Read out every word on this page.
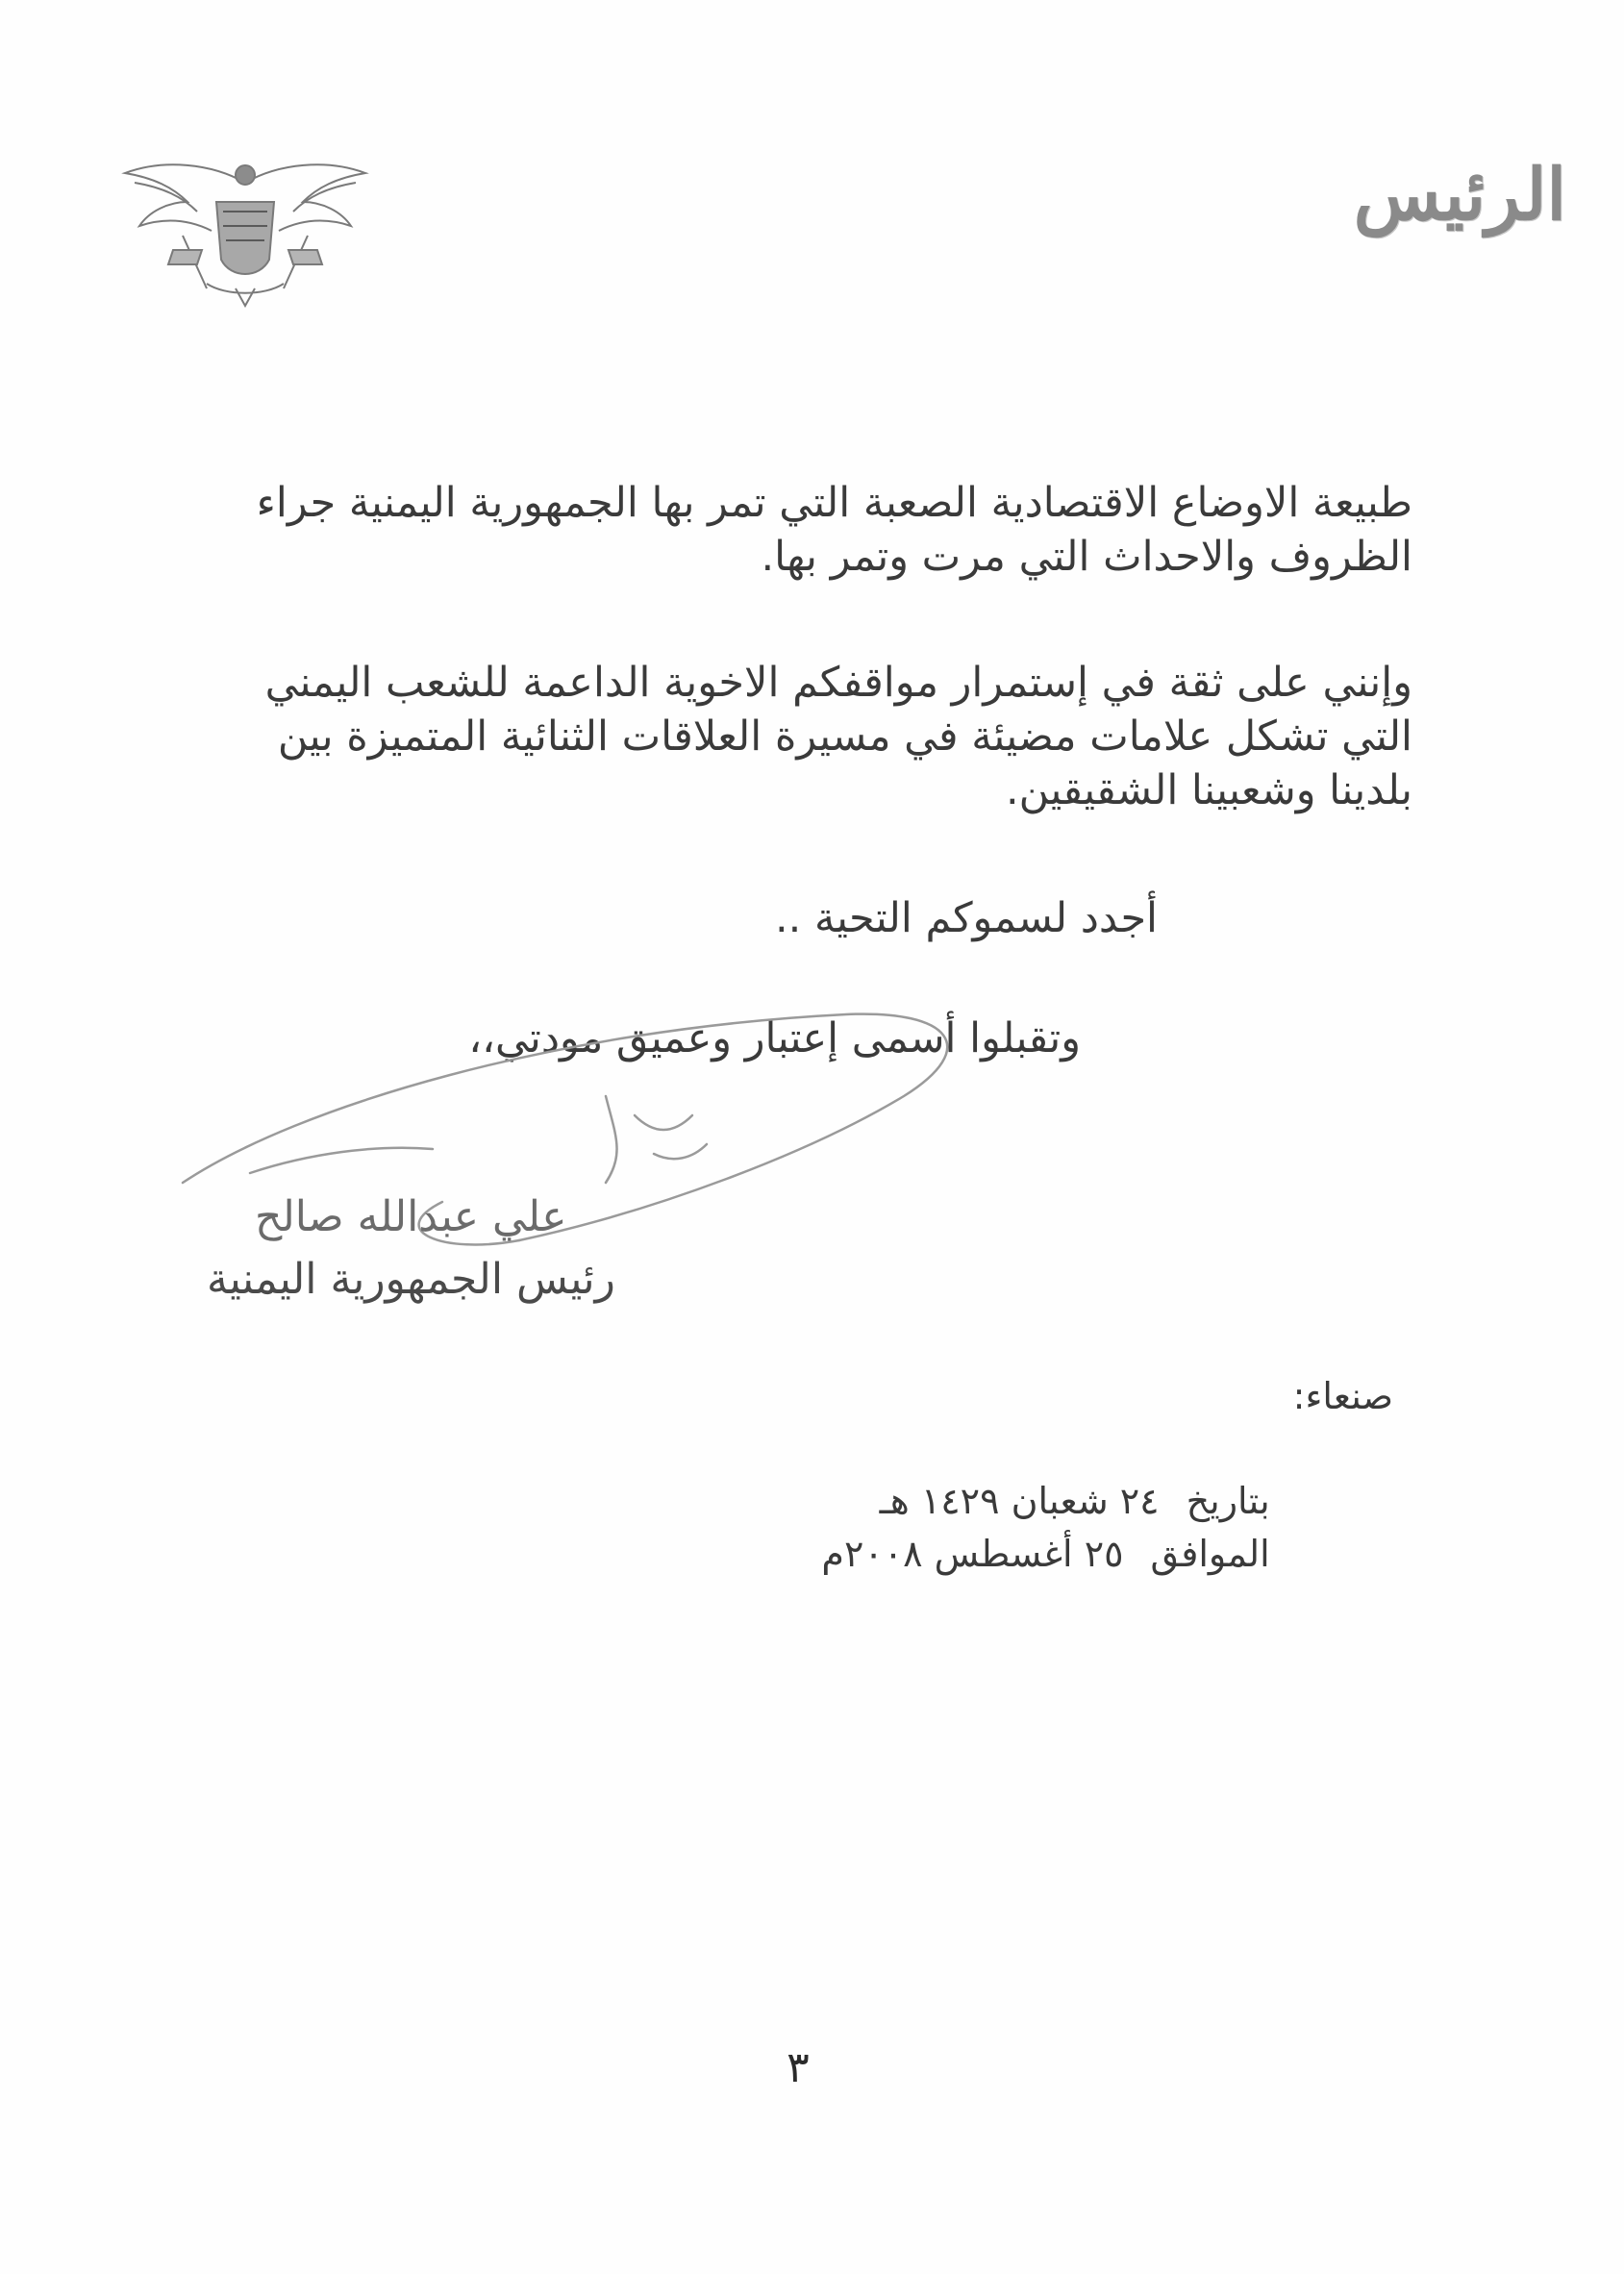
الرئيس
طبيعة الاوضاع الاقتصادية الصعبة التي تمر بها الجمهورية اليمنية جراء الظروف والاحداث التي مرت وتمر بها.
وإنني على ثقة في إستمرار مواقفكم الاخوية الداعمة للشعب اليمني التي تشكل علامات مضيئة في مسيرة العلاقات الثنائية المتميزة بين بلدينا وشعبينا الشقيقين.
أجدد لسموكم التحية ..
وتقبلوا أسمى إعتبار وعميق مودتي،،
علي عبدالله صالح
رئيس الجمهورية اليمنية
صنعاء:

بتاريخ٢٤ شعبان ١٤٢٩ هـ

الموافق٢٥ أغسطس ٢٠٠٨م

٣
